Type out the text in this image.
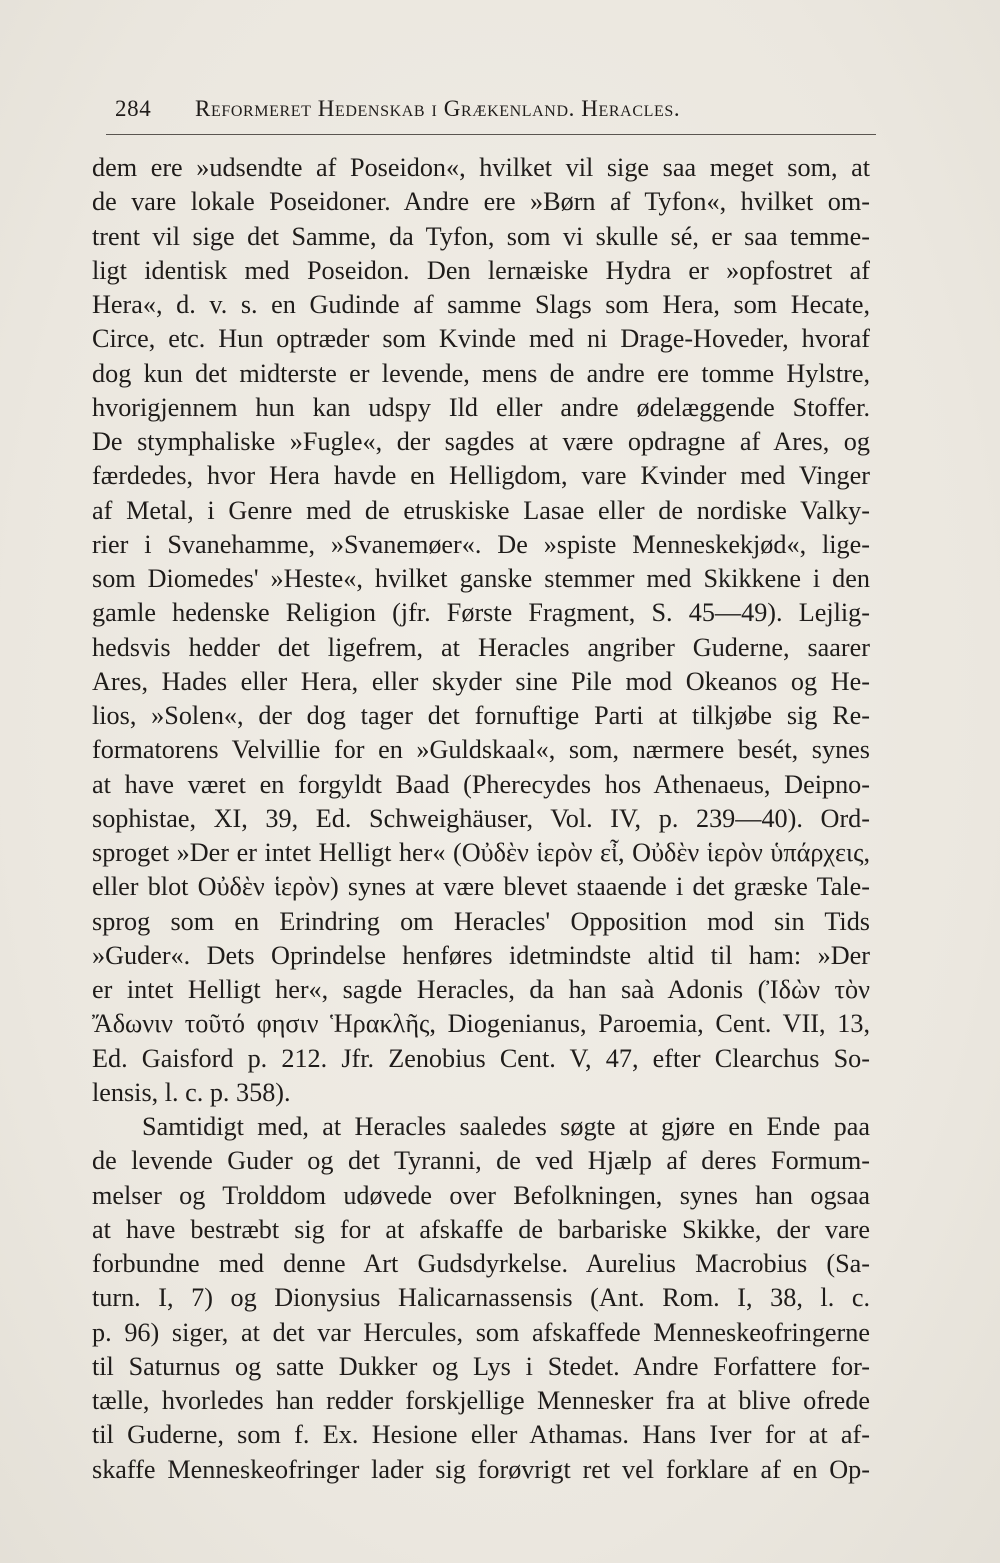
284 Reformeret Hedenskab i Grækenland. Heracles.
dem ere »udsendte af Poseidon«, hvilket vil sige saa meget som, at
de vare lokale Poseidoner. Andre ere »Børn af Tyfon«, hvilket om-
trent vil sige det Samme, da Tyfon, som vi skulle sé, er saa temme-
ligt identisk med Poseidon. Den lernæiske Hydra er »opfostret af
Hera«, d. v. s. en Gudinde af samme Slags som Hera, som Hecate,
Circe, etc. Hun optræder som Kvinde med ni Drage-Hoveder, hvoraf
dog kun det midterste er levende, mens de andre ere tomme Hylstre,
hvorigjennem hun kan udspy Ild eller andre ødelæggende Stoffer.
De stymphaliske »Fugle«, der sagdes at være opdragne af Ares, og
færdedes, hvor Hera havde en Helligdom, vare Kvinder med Vinger
af Metal, i Genre med de etruskiske Lasae eller de nordiske Valky-
rier i Svanehamme, »Svanemøer«. De »spiste Menneskekjød«, lige-
som Diomedes' »Heste«, hvilket ganske stemmer med Skikkene i den
gamle hedenske Religion (jfr. Første Fragment, S. 45—49). Lejlig-
hedsvis hedder det ligefrem, at Heracles angriber Guderne, saarer
Ares, Hades eller Hera, eller skyder sine Pile mod Okeanos og He-
lios, »Solen«, der dog tager det fornuftige Parti at tilkjøbe sig Re-
formatorens Velvillie for en »Guldskaal«, som, nærmere besét, synes
at have været en forgyldt Baad (Pherecydes hos Athenaeus, Deipno-
sophistae, XI, 39, Ed. Schweighäuser, Vol. IV, p. 239—40). Ord-
sproget »Der er intet Helligt her« (Οὐδὲν ἱερὸν εἶ, Οὐδὲν ἱερὸν ὑπάρχεις,
eller blot Οὐδὲν ἱερὸν) synes at være blevet staaende i det græske Tale-
sprog som en Erindring om Heracles' Opposition mod sin Tids
»Guder«. Dets Oprindelse henføres idetmindste altid til ham: »Der
er intet Helligt her«, sagde Heracles, da han saà Adonis (Ἰδὼν τὸν
Ἄδωνιν τοῦτό φησιν Ἡρακλῆς, Diogenianus, Paroemia, Cent. VII, 13,
Ed. Gaisford p. 212. Jfr. Zenobius Cent. V, 47, efter Clearchus So-
lensis, l. c. p. 358).
Samtidigt med, at Heracles saaledes søgte at gjøre en Ende paa
de levende Guder og det Tyranni, de ved Hjælp af deres Formum-
melser og Trolddom udøvede over Befolkningen, synes han ogsaa
at have bestræbt sig for at afskaffe de barbariske Skikke, der vare
forbundne med denne Art Gudsdyrkelse. Aurelius Macrobius (Sa-
turn. I, 7) og Dionysius Halicarnassensis (Ant. Rom. I, 38, l. c.
p. 96) siger, at det var Hercules, som afskaffede Menneskeofringerne
til Saturnus og satte Dukker og Lys i Stedet. Andre Forfattere for-
tælle, hvorledes han redder forskjellige Mennesker fra at blive ofrede
til Guderne, som f. Ex. Hesione eller Athamas. Hans Iver for at af-
skaffe Menneskeofringer lader sig forøvrigt ret vel forklare af en Op-
